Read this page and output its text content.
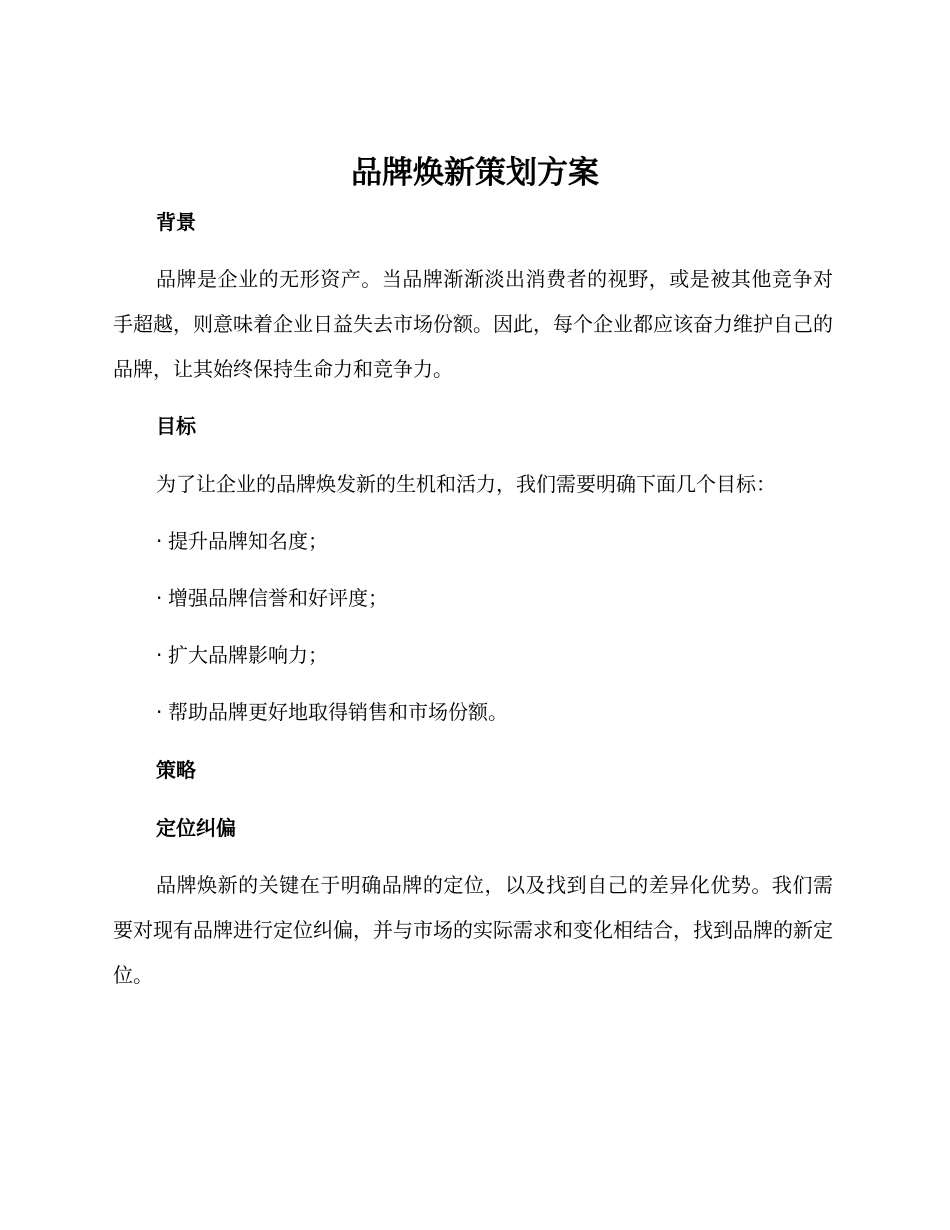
品牌焕新策划方案
背景

品牌是企业的无形资产。当品牌渐渐淡出消费者的视野，或是被其他竞争对手超越，则意味着企业日益失去市场份额。因此，每个企业都应该奋力维护自己的品牌，让其始终保持生命力和竞争力。

目标
为了让企业的品牌焕发新的生机和活力，我们需要明确下面几个目标：
· 提升品牌知名度；
· 增强品牌信誉和好评度；
· 扩大品牌影响力；
· 帮助品牌更好地取得销售和市场份额。
策略
定位纠偏

品牌焕新的关键在于明确品牌的定位，以及找到自己的差异化优势。我们需要对现有品牌进行定位纠偏，并与市场的实际需求和变化相结合，找到品牌的新定位。
